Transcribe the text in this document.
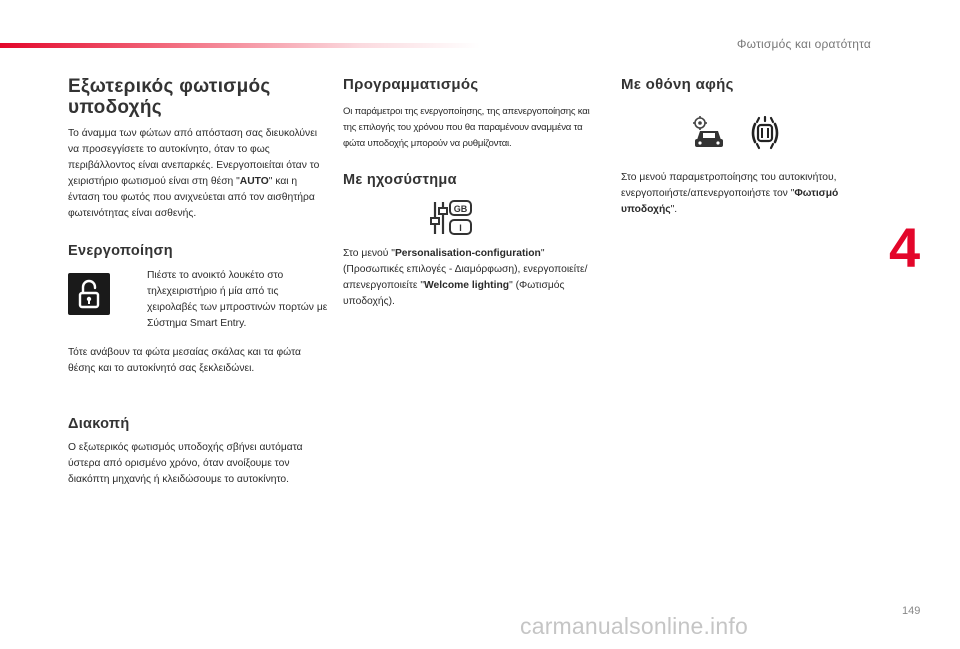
Φωτισμός και ορατότητα
4
149
carmanualsonline.info
Εξωτερικός φωτισμός υποδοχής

Το άναμμα των φώτων από απόσταση σας διευκολύνει να προσεγγίσετε το αυτοκίνητο, όταν το φως περιβάλλοντος είναι ανεπαρκές. Ενεργοποιείται όταν το χειριστήριο φωτισμού είναι στη θέση "AUTO" και η ένταση του φωτός που ανιχνεύεται από τον αισθητήρα φωτεινότητας είναι ασθενής.

Ενεργοποίηση

Πιέστε το ανοικτό λουκέτο στο τηλεχειριστήριο ή μία από τις χειρολαβές των μπροστινών πορτών με Σύστημα Smart Entry.

Τότε ανάβουν τα φώτα μεσαίας σκάλας και τα φώτα θέσης και το αυτοκίνητό σας ξεκλειδώνει.

Διακοπή

Ο εξωτερικός φωτισμός υποδοχής σβήνει αυτόματα ύστερα από ορισμένο χρόνο, όταν ανοίξουμε τον διακόπτη μηχανής ή κλειδώσουμε το αυτοκίνητο.

Προγραμματισμός

Οι παράμετροι της ενεργοποίησης, της απενεργοποίησης και της επιλογής του χρόνου που θα παραμένουν αναμμένα τα φώτα υποδοχής μπορούν να ρυθμίζονται.

Με ηχοσύστημα
GB
I

Στο μενού "Personalisation-configuration" (Προσωπικές επιλογές - Διαμόρφωση), ενεργοποιείτε/απενεργοποιείτε "Welcome lighting" (Φωτισμός υποδοχής).

Με οθόνη αφής

Στο μενού παραμετροποίησης του αυτοκινήτου, ενεργοποιήστε/απενεργοποιήστε τον "Φωτισμό υποδοχής".
